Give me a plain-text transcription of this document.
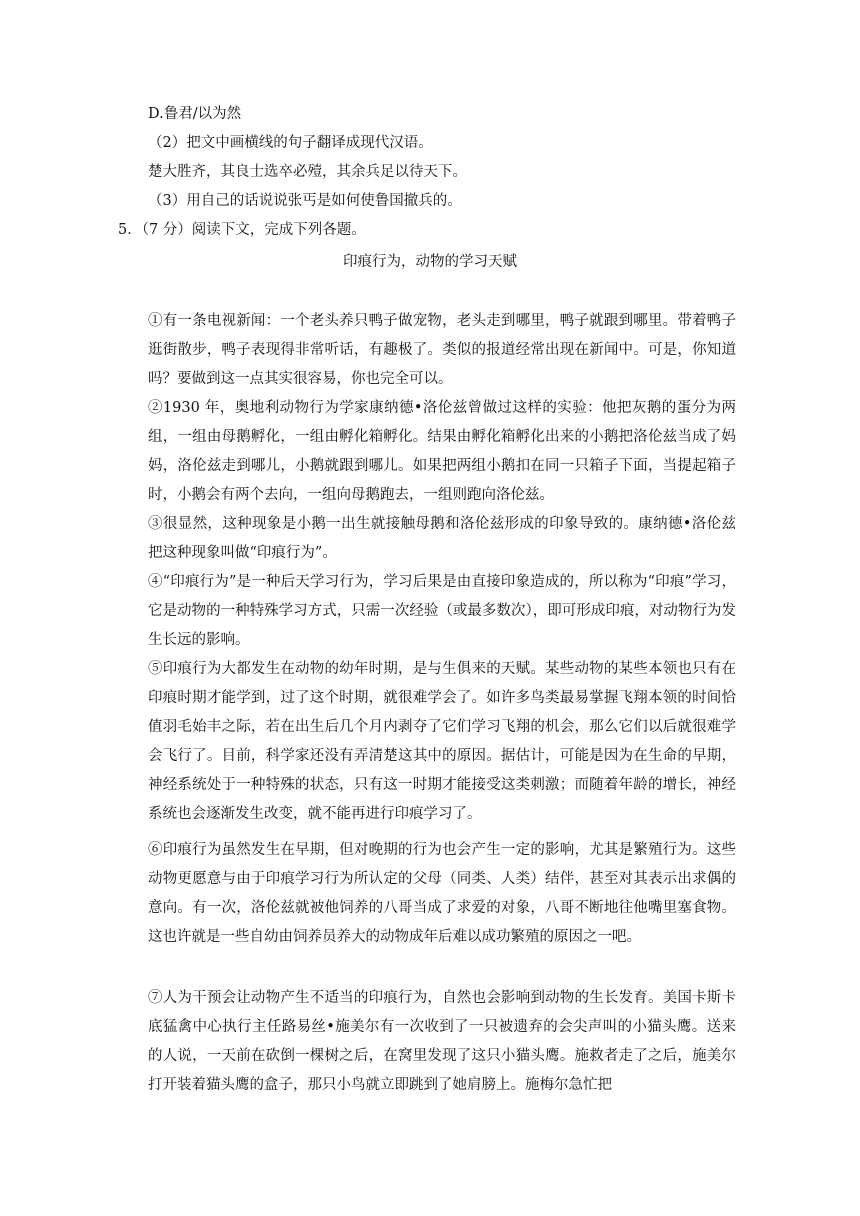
D.鲁君/以为然
（2）把文中画横线的句子翻译成现代汉语。
楚大胜齐，其良士选卒必殪，其余兵足以待天下。
（3）用自己的话说说张丐是如何使鲁国撤兵的。
5．（7 分）阅读下文，完成下列各题。
印痕行为，动物的学习天赋
①有一条电视新闻：一个老头养只鸭子做宠物，老头走到哪里，鸭子就跟到哪里。带着鸭子逛街散步，鸭子表现得非常听话，有趣极了。类似的报道经常出现在新闻中。可是，你知道吗？要做到这一点其实很容易，你也完全可以。
②1930 年，奥地利动物行为学家康纳德•洛伦兹曾做过这样的实验：他把灰鹅的蛋分为两组，一组由母鹅孵化，一组由孵化箱孵化。结果由孵化箱孵化出来的小鹅把洛伦兹当成了妈妈，洛伦兹走到哪儿，小鹅就跟到哪儿。如果把两组小鹅扣在同一只箱子下面，当提起箱子时，小鹅会有两个去向，一组向母鹅跑去，一组则跑向洛伦兹。
③很显然，这种现象是小鹅一出生就接触母鹅和洛伦兹形成的印象导致的。康纳德•洛伦兹把这种现象叫做“印痕行为”。
④“印痕行为”是一种后天学习行为，学习后果是由直接印象造成的，所以称为“印痕”学习，它是动物的一种特殊学习方式，只需一次经验（或最多数次），即可形成印痕，对动物行为发生长远的影响。
⑤印痕行为大都发生在动物的幼年时期，是与生俱来的天赋。某些动物的某些本领也只有在印痕时期才能学到，过了这个时期，就很难学会了。如许多鸟类最易掌握飞翔本领的时间恰值羽毛始丰之际，若在出生后几个月内剥夺了它们学习飞翔的机会，那么它们以后就很难学会飞行了。目前，科学家还没有弄清楚这其中的原因。据估计，可能是因为在生命的早期，神经系统处于一种特殊的状态，只有这一时期才能接受这类刺激；而随着年龄的增长，神经系统也会逐渐发生改变，就不能再进行印痕学习了。
⑥印痕行为虽然发生在早期，但对晚期的行为也会产生一定的影响，尤其是繁殖行为。这些动物更愿意与由于印痕学习行为所认定的父母（同类、人类）结伴，甚至对其表示出求偶的意向。有一次，洛伦兹就被他饲养的八哥当成了求爱的对象，八哥不断地往他嘴里塞食物。这也许就是一些自幼由饲养员养大的动物成年后难以成功繁殖的原因之一吧。
⑦人为干预会让动物产生不适当的印痕行为，自然也会影响到动物的生长发育。美国卡斯卡底猛禽中心执行主任路易丝•施美尔有一次收到了一只被遗弃的会尖声叫的小猫头鹰。送来的人说，一天前在砍倒一棵树之后，在窝里发现了这只小猫头鹰。施救者走了之后，施美尔打开装着猫头鹰的盒子，那只小鸟就立即跳到了她肩膀上。施梅尔急忙把
